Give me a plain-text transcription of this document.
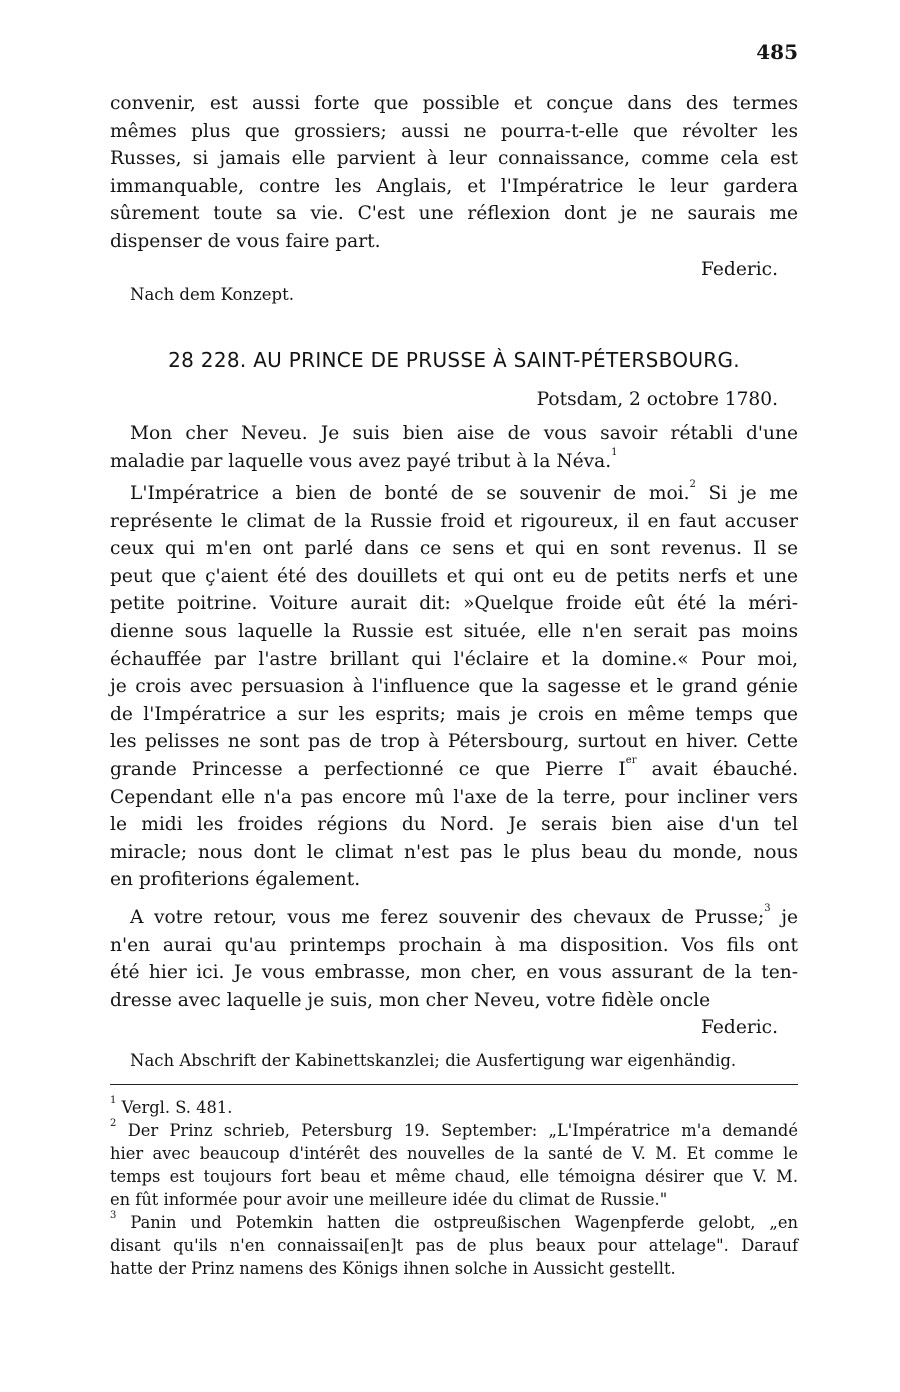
485
convenir, est aussi forte que possible et conçue dans des termes
mêmes plus que grossiers; aussi ne pourra-t-elle que révolter les
Russes, si jamais elle parvient à leur connaissance, comme cela est
immanquable, contre les Anglais, et l'Impératrice le leur gardera
sûrement toute sa vie. C'est une réflexion dont je ne saurais me
dispenser de vous faire part.
Federic.
Nach dem Konzept.
28 228. AU PRINCE DE PRUSSE À SAINT-PÉTERSBOURG.
Potsdam, 2 octobre 1780.
Mon cher Neveu. Je suis bien aise de vous savoir rétabli d'une
maladie par laquelle vous avez payé tribut à la Néva.$^1$
L'Impératrice a bien de bonté de se souvenir de moi.$^2$ Si je me
représente le climat de la Russie froid et rigoureux, il en faut accuser
ceux qui m'en ont parlé dans ce sens et qui en sont revenus. Il se
peut que ç'aient été des douillets et qui ont eu de petits nerfs et une
petite poitrine. Voiture aurait dit: »Quelque froide eût été la méri-
dienne sous laquelle la Russie est située, elle n'en serait pas moins
échauffée par l'astre brillant qui l'éclaire et la domine.« Pour moi,
je crois avec persuasion à l'influence que la sagesse et le grand génie
de l'Impératrice a sur les esprits; mais je crois en même temps que
les pelisses ne sont pas de trop à Pétersbourg, surtout en hiver. Cette
grande Princesse a perfectionné ce que Pierre Ier avait ébauché.
Cependant elle n'a pas encore mû l'axe de la terre, pour incliner vers
le midi les froides régions du Nord. Je serais bien aise d'un tel
miracle; nous dont le climat n'est pas le plus beau du monde, nous
en profiterions également.
A votre retour, vous me ferez souvenir des chevaux de Prusse;$^3$ je
n'en aurai qu'au printemps prochain à ma disposition. Vos fils ont
été hier ici. Je vous embrasse, mon cher, en vous assurant de la ten-
dresse avec laquelle je suis, mon cher Neveu, votre fidèle oncle
Federic.
Nach Abschrift der Kabinettskanzlei; die Ausfertigung war eigenhändig.
$^1$ Vergl. S. 481.
$^2$ Der Prinz schrieb, Petersburg 19. September: „L'Impératrice m'a demandé
hier avec beaucoup d'intérêt des nouvelles de la santé de V. M. Et comme le
temps est toujours fort beau et même chaud, elle témoigna désirer que V. M.
en fût informée pour avoir une meilleure idée du climat de Russie."
$^3$ Panin und Potemkin hatten die ostpreußischen Wagenpferde gelobt, „en
disant qu'ils n'en connaissai[en]t pas de plus beaux pour attelage". Darauf
hatte der Prinz namens des Königs ihnen solche in Aussicht gestellt.
